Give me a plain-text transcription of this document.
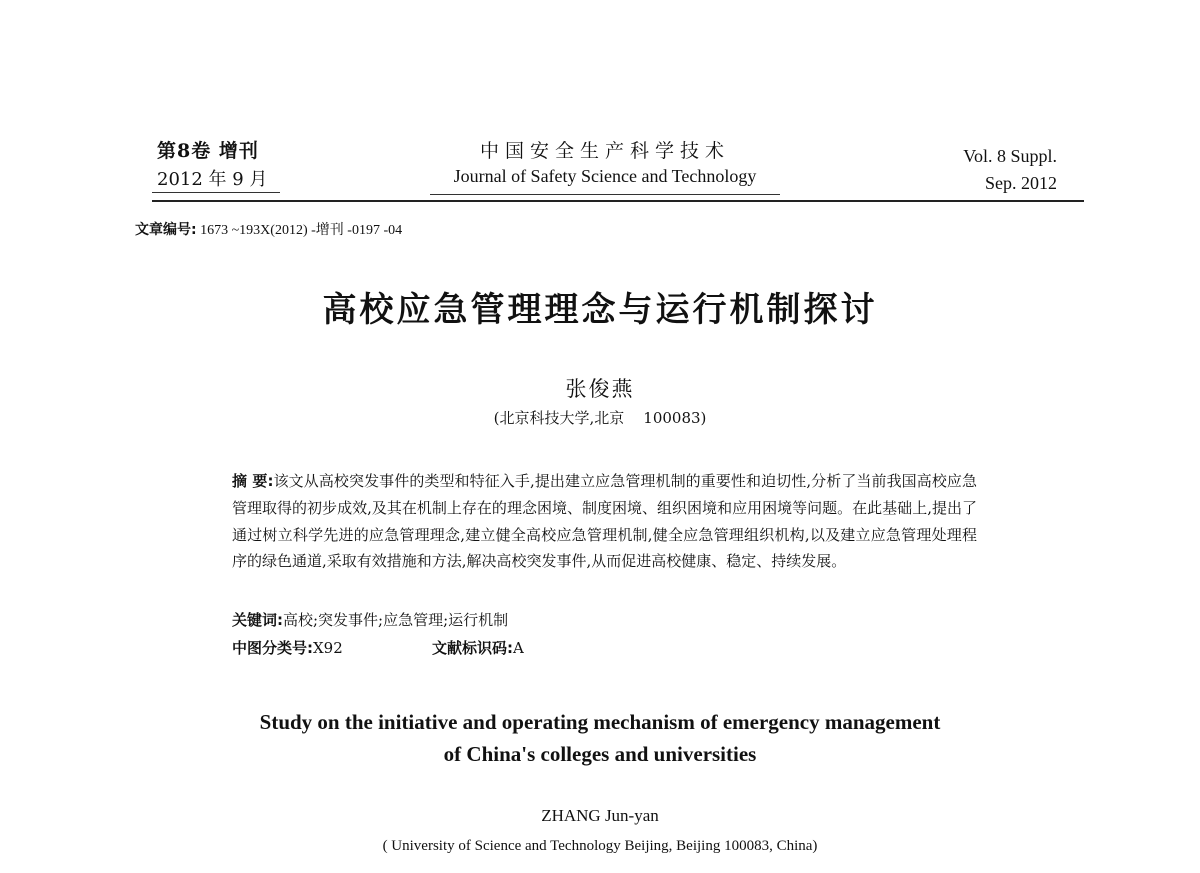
第8卷 增刊
2012 年 9 月
中国安全生产科学技术
Journal of Safety Science and Technology
Vol. 8 Suppl.
Sep. 2012
文章编号: 1673 ~193X(2012) -增刊 -0197 -04
高校应急管理理念与运行机制探讨
张俊燕
(北京科技大学,北京    100083)
摘 要:该文从高校突发事件的类型和特征入手,提出建立应急管理机制的重要性和迫切性,分析了当前我国高校应急管理取得的初步成效,及其在机制上存在的理念困境、制度困境、组织困境和应用困境等问题。在此基础上,提出了通过树立科学先进的应急管理理念,建立健全高校应急管理机制,健全应急管理组织机构,以及建立应急管理处理程序的绿色通道,采取有效措施和方法,解决高校突发事件,从而促进高校健康、稳定、持续发展。
关键词:高校;突发事件;应急管理;运行机制
中图分类号:X92	文献标识码:A
Study on the initiative and operating mechanism of emergency management
of China's colleges and universities
ZHANG Jun-yan
( University of Science and Technology Beijing, Beijing 100083, China)
